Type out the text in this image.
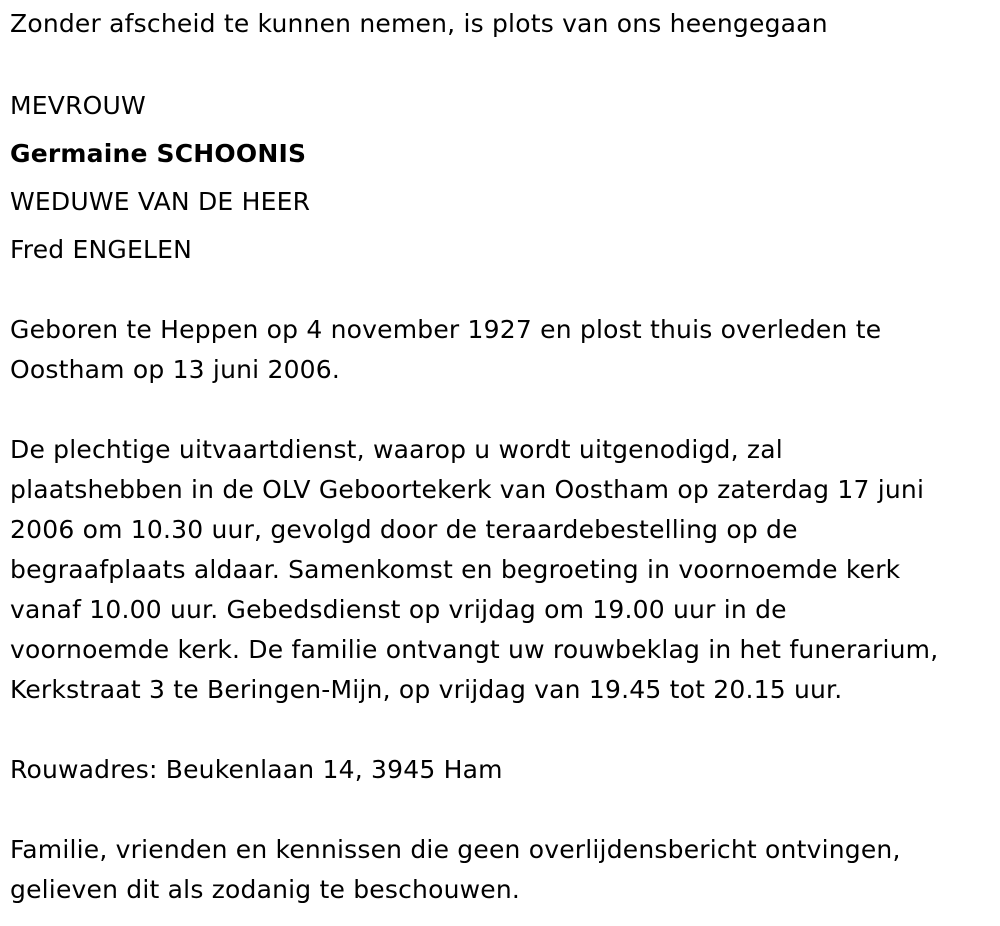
Zonder afscheid te kunnen nemen, is plots van ons heengegaan
MEVROUW
Germaine SCHOONIS
WEDUWE VAN DE HEER
Fred ENGELEN
Geboren te Heppen op 4 november 1927 en plost thuis overleden te
Oostham op 13 juni 2006.
De plechtige uitvaartdienst, waarop u wordt uitgenodigd, zal
plaatshebben in de OLV Geboortekerk van Oostham op zaterdag 17 juni
2006 om 10.30 uur, gevolgd door de teraardebestelling op de
begraafplaats aldaar. Samenkomst en begroeting in voornoemde kerk
vanaf 10.00 uur. Gebedsdienst op vrijdag om 19.00 uur in de
voornoemde kerk. De familie ontvangt uw rouwbeklag in het funerarium,
Kerkstraat 3 te Beringen-Mijn, op vrijdag van 19.45 tot 20.15 uur.
Rouwadres: Beukenlaan 14, 3945 Ham
Familie, vrienden en kennissen die geen overlijdensbericht ontvingen,
gelieven dit als zodanig te beschouwen.
